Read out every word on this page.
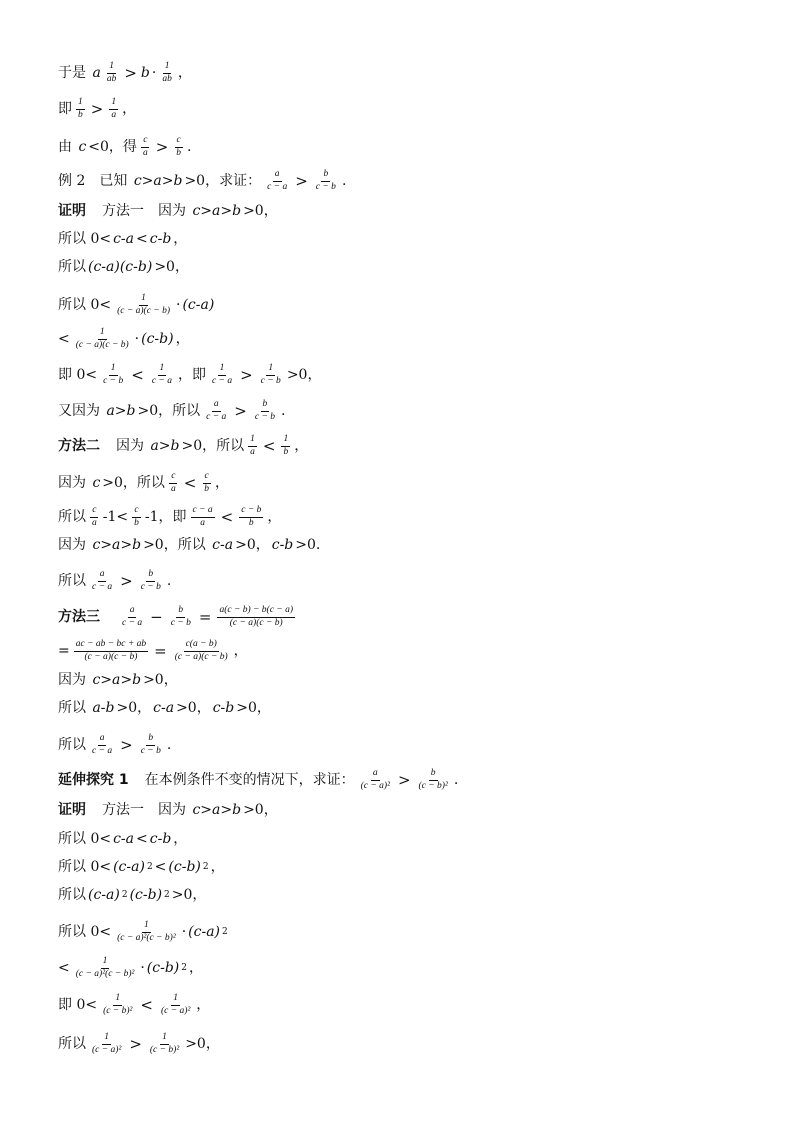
于是 a $\frac{1}{ab} > b \cdot \frac{1}{ab}$ ，
即 $\frac{1}{b} > \frac{1}{a}$ ，
由 c <0，得 $\frac{c}{a} > \frac{c}{b}$ .
例 2　已知 c>a>b >0，求证： $\frac{a}{c - a} > \frac{b}{c - b}$ .
证明 　方法一　因为 c>a>b >0，
所以 0< c-a < c-b ，
所以 (c-a)(c-b) >0，
所以 $0< \frac{1}{(c - a)(c - b)} \cdot (c-a)$
< $\frac{1}{(c - a)(c - b)} \cdot (c-b)$ ，
即 $0< \frac{1}{c - b} < \frac{1}{c - a}$ ，即 $\frac{1}{c - a} > \frac{1}{c - b} >0$，
又因为 a>b >0，所以 $\frac{a}{c - a} > \frac{b}{c - b}$ .
方法二 　因为 a>b >0，所以 $\frac{1}{a} < \frac{1}{b}$ ，
因为 c >0，所以 $\frac{c}{a} < \frac{c}{b}$ ，
所以 $\frac{c}{a} -1< \frac{c}{b} -1$，即 $\frac{c - a}{a} < \frac{c - b}{b}$ ，
因为 c>a>b >0，所以 c-a >0， c-b >0.
所以 $\frac{a}{c - a} > \frac{b}{c - b}$ .
方法三
　 $\frac{a}{c - a} - \frac{b}{c - b} = \frac{a(c - b) - b(c - a)}{(c - a)(c - b)}$
= $\frac{ac - ab - bc + ab}{(c - a)(c - b)} = \frac{c(a - b)}{(c - a)(c - b)}$ ，
因为 c>a>b >0，
所以 a-b >0， c-a >0， c-b >0，
所以 $\frac{a}{c - a} > \frac{b}{c - b}$ .
延伸探究 1 　在本例条件不变的情况下，求证： $\frac{a}{\text{(c − a)²}} > \frac{b}{\text{(c − b)²}}$ .
证明 　方法一　因为 c>a>b >0，
所以 0< c-a < c-b ，
所以 0< (c-a) 2 < (c-b) 2 ，
所以 (c-a) 2 (c-b) 2 >0，
所以 $0< \frac{1}{\text{(c − a)²(c − b)²}} \cdot (c-a)$ 2
< $\frac{1}{\text{(c − a)²(c − b)²}} \cdot (c-b)$ 2 ，
即 $0< \frac{1}{\text{(c − b)²}} < \frac{1}{\text{(c − a)²}}$ ，
所以 $\frac{1}{\text{(c − a)²}} > \frac{1}{\text{(c − b)²}} >0$，
